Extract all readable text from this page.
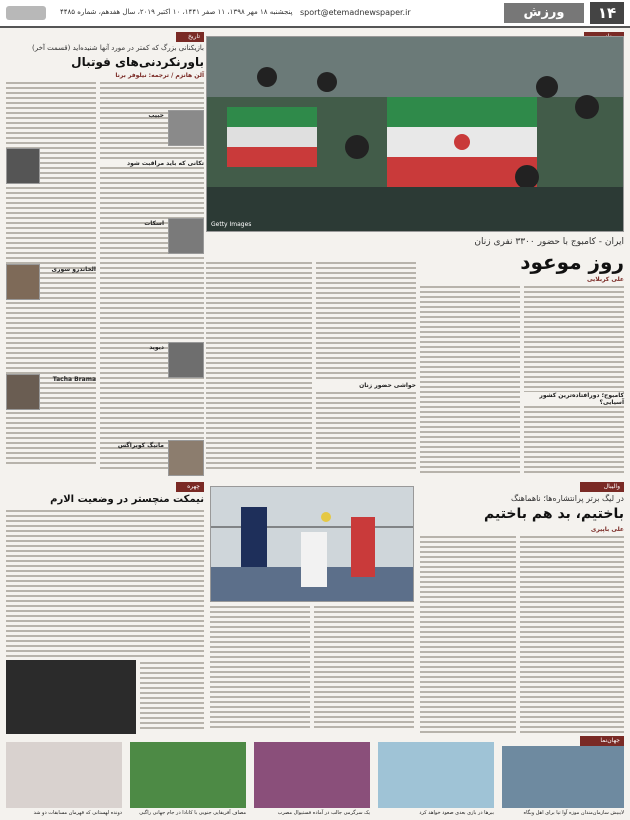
۱۴
ورزش
sport@etemadnewspaper.ir
پنجشنبه ۱۸ مهر ۱۳۹۸، ۱۱ صفر ۱۴۴۱، ۱۰ اکتبر ۲۰۱۹، سال هفدهم، شماره ۴۴۸۵
Getty Images
ایران - کامبوج با حضور ۳۳۰۰ نفری زنان
روز موعود
علی کربلایی
کامبوج؛ دورافتاده‌ترین کشور آسیایی؟
حواشی حضور زنان
تاریخ
بازیکنانی بزرگ که کمتر در مورد آنها شنیده‌اید (قسمت آخر)
باورنکردنی‌های فوتبال
آلن هانزم / ترجمه: نیلوفر برنا
تکانی که باید مراقبت شود
حبیب
اسکات
دیوید
مانیگ کوبراگس
الخاندرو سوری
Tacha Brama
چهره
نیمکت منچستر در وضعیت الارم
والیبال
در لیگ برتر پرانتشاره‌ها؛ ناهماهنگ
باختیم، بد هم باختیم
علی باپیری
جهان‌نما
لایبیش سازمان‌مندان موزه آوا تیا برای اهل وبگاه
ببرها در بازی بعدی صعود خواهد کرد
یک سرگرمی جالب در آماده فستیوال مصرب
مصاف آفریقایی جنوبی با کانادا در جام جهانی راگبی
دونده لهستانی که قهرمان مسابقات دو شد
